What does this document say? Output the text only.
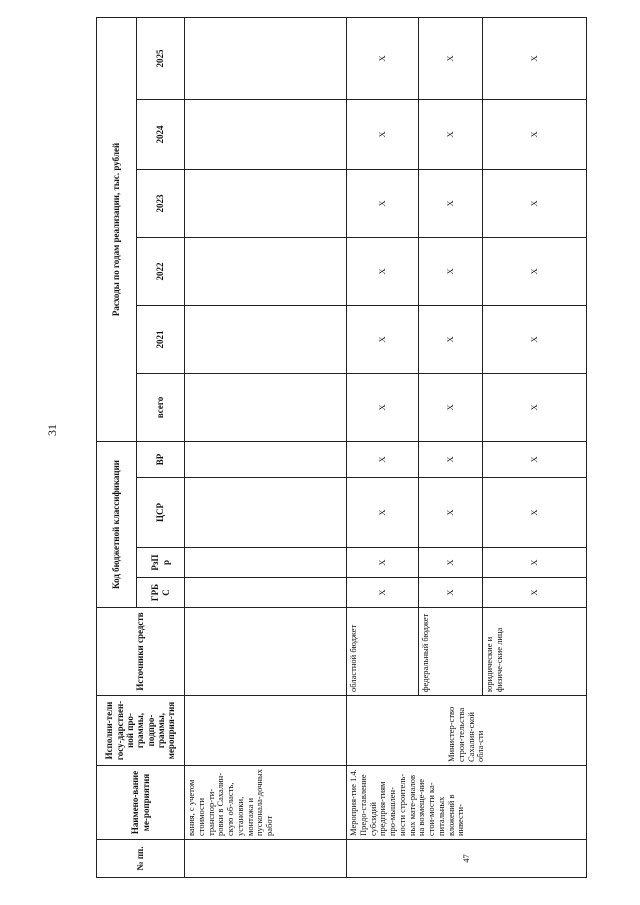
31
№ пп.	Наимено-вание ме-роприятия	Исполни-тели госу-дарствен-ной про-граммы, подпро-граммы, мероприя-тия	Источники средств	Код бюджетной классификации				Расходы по годам реализации, тыс. рублей					
				ГРБ С	РзП р	ЦСР	ВР	всего	2021	2022	2023	2024	2025
	вания, с учетом стоимости транспор-ти-ровки в Сахалин-скую об-ласть, установки, монтажа и пусконала-дочных работ												
47	Мероприя-тие 1.4. Предо-ставление субсидий предприя-тиям про-мышлен-ности строитель-ных мате-риалов на возмеще-ние стои-мости ка-питальных вложений в инвести-	Министер-ство строи-тельства Сахалин-ской обла-сти	областной бюджет	X	X	X	X	X	X	X	X	X	X
			федеральный бюджет	X	X	X	X	X	X	X	X	X	X
			юридические и физиче-ские лица	X	X	X	X	X	X	X	X	X	X
